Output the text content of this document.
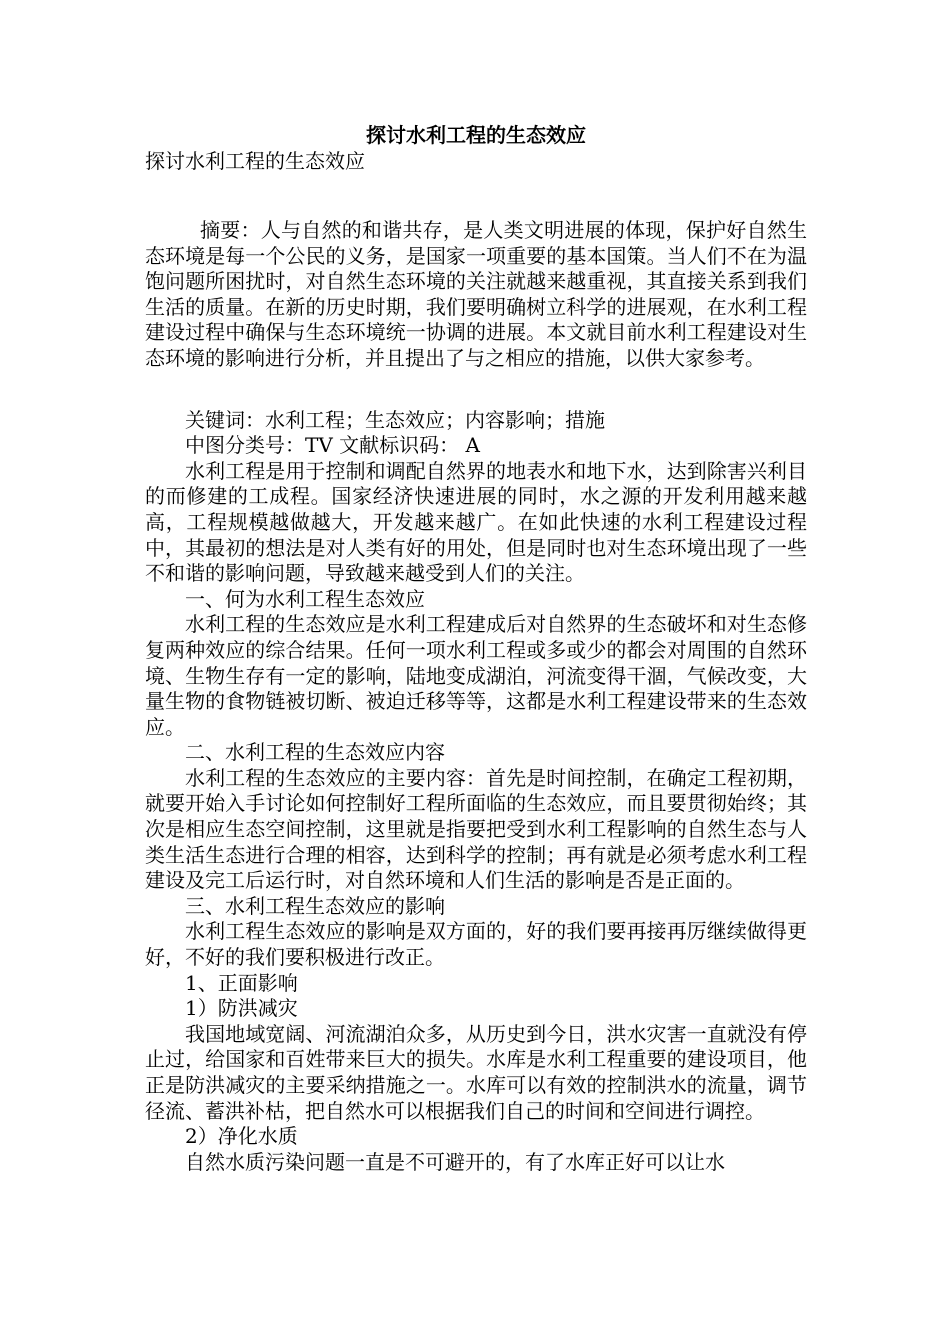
探讨水利工程的生态效应

探讨水利工程的生态效应

摘要：人与自然的和谐共存，是人类文明进展的体现，保护好自然生态环境是每一个公民的义务，是国家一项重要的基本国策。当人们不在为温饱问题所困扰时，对自然生态环境的关注就越来越重视，其直接关系到我们生活的质量。在新的历史时期，我们要明确树立科学的进展观，在水利工程建设过程中确保与生态环境统一协调的进展。本文就目前水利工程建设对生态环境的影响进行分析，并且提出了与之相应的措施，以供大家参考。

关键词：水利工程；生态效应；内容影响；措施

中图分类号：TV 文献标识码： A

水利工程是用于控制和调配自然界的地表水和地下水，达到除害兴利目的而修建的工成程。国家经济快速进展的同时，水之源的开发利用越来越高，工程规模越做越大，开发越来越广。在如此快速的水利工程建设过程中，其最初的想法是对人类有好的用处，但是同时也对生态环境出现了一些不和谐的影响问题，导致越来越受到人们的关注。

一、何为水利工程生态效应

水利工程的生态效应是水利工程建成后对自然界的生态破坏和对生态修复两种效应的综合结果。任何一项水利工程或多或少的都会对周围的自然环境、生物生存有一定的影响，陆地变成湖泊，河流变得干涸，气候改变，大量生物的食物链被切断、被迫迁移等等，这都是水利工程建设带来的生态效应。

二、水利工程的生态效应内容

水利工程的生态效应的主要内容：首先是时间控制，在确定工程初期，就要开始入手讨论如何控制好工程所面临的生态效应，而且要贯彻始终；其次是相应生态空间控制，这里就是指要把受到水利工程影响的自然生态与人类生活生态进行合理的相容，达到科学的控制；再有就是必须考虑水利工程建设及完工后运行时，对自然环境和人们生活的影响是否是正面的。

三、水利工程生态效应的影响

水利工程生态效应的影响是双方面的，好的我们要再接再厉继续做得更好，不好的我们要积极进行改正。

1、正面影响

1）防洪减灾

我国地域宽阔、河流湖泊众多，从历史到今日，洪水灾害一直就没有停止过，给国家和百姓带来巨大的损失。水库是水利工程重要的建设项目，他正是防洪减灾的主要采纳措施之一。水库可以有效的控制洪水的流量，调节径流、蓄洪补枯，把自然水可以根据我们自己的时间和空间进行调控。

2）净化水质

自然水质污染问题一直是不可避开的，有了水库正好可以让水
